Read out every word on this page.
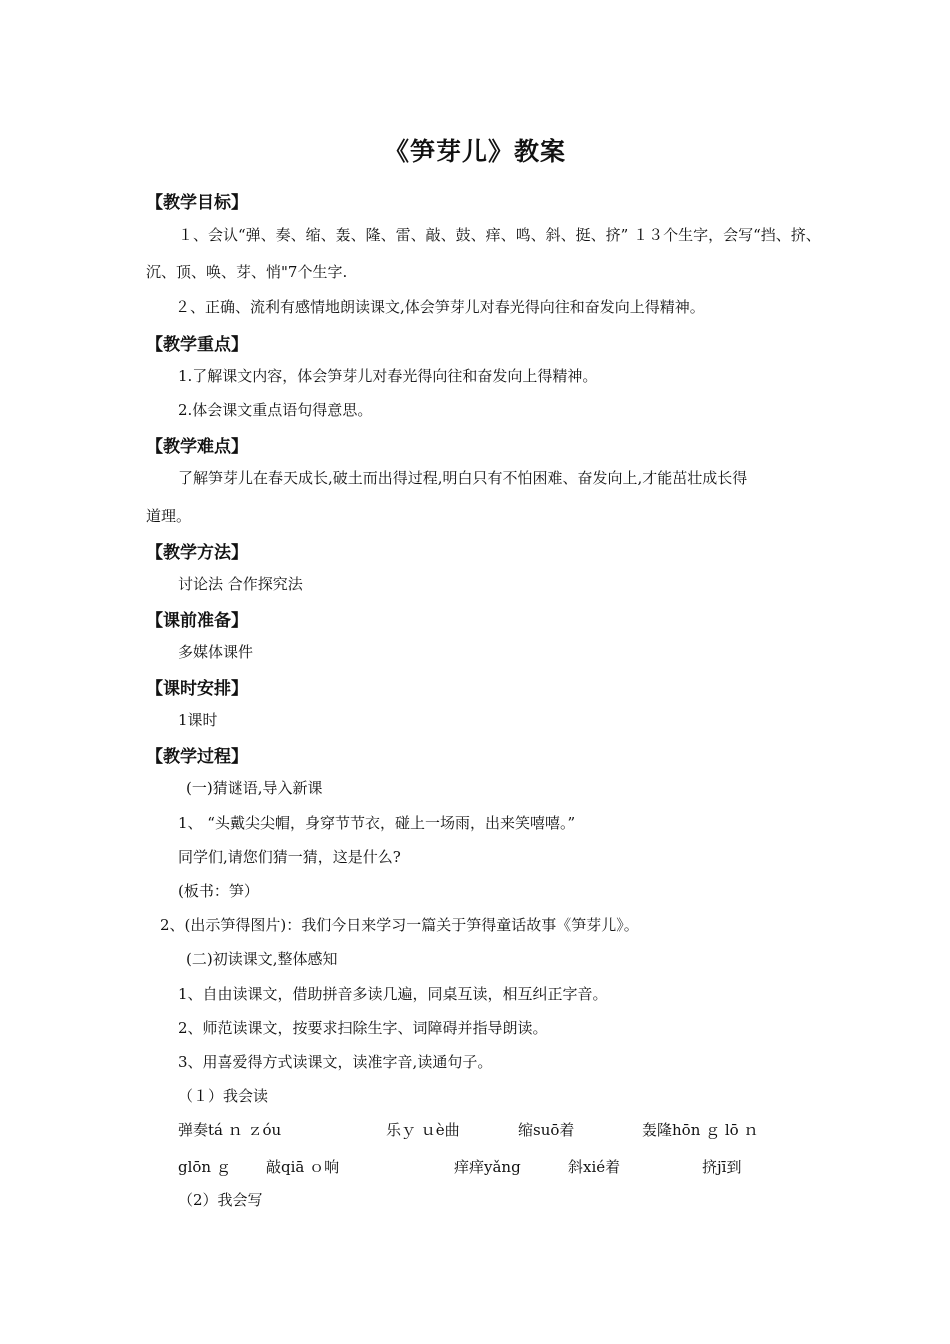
《笋芽儿》教案
【教学目标】
１、会认“弹、奏、缩、轰、隆、雷、敲、鼓、痒、鸣、斜、挺、挤” １３个生字，会写“挡、挤、
沉、顶、唤、芽、悄"7个生字.
２、正确、流利有感情地朗读课文,体会笋芽儿对春光得向往和奋发向上得精神。
【教学重点】
1.了解课文内容，体会笋芽儿对春光得向往和奋发向上得精神。
2.体会课文重点语句得意思。
【教学难点】
了解笋芽儿在春天成长,破土而出得过程,明白只有不怕困难、奋发向上,才能茁壮成长得
道理。
【教学方法】
讨论法 合作探究法
【课前准备】
多媒体课件
【课时安排】
1课时
【教学过程】
(一)猜谜语,导入新课
1、 “头戴尖尖帽，身穿节节衣，碰上一场雨，出来笑嘻嘻。”
同学们,请您们猜一猜，这是什么?
(板书：笋）
2、(出示笋得图片)：我们今日来学习一篇关于笋得童话故事《笋芽儿》。
(二)初读课文,整体感知
1、自由读课文，借助拼音多读几遍，同桌互读，相互纠正字音。
2、师范读课文，按要求扫除生字、词障碍并指导朗读。
3、用喜爱得方式读课文，读准字音,读通句子。
（１）我会读
弹奏tá ｎ ｚóu	乐ｙ ｕè曲	缩suō着	轰隆hōn ｇ lō ｎ
glōn ｇ 敲qiā ｏ响	痒痒yǎng	斜xié着	挤jī到
（2）我会写
